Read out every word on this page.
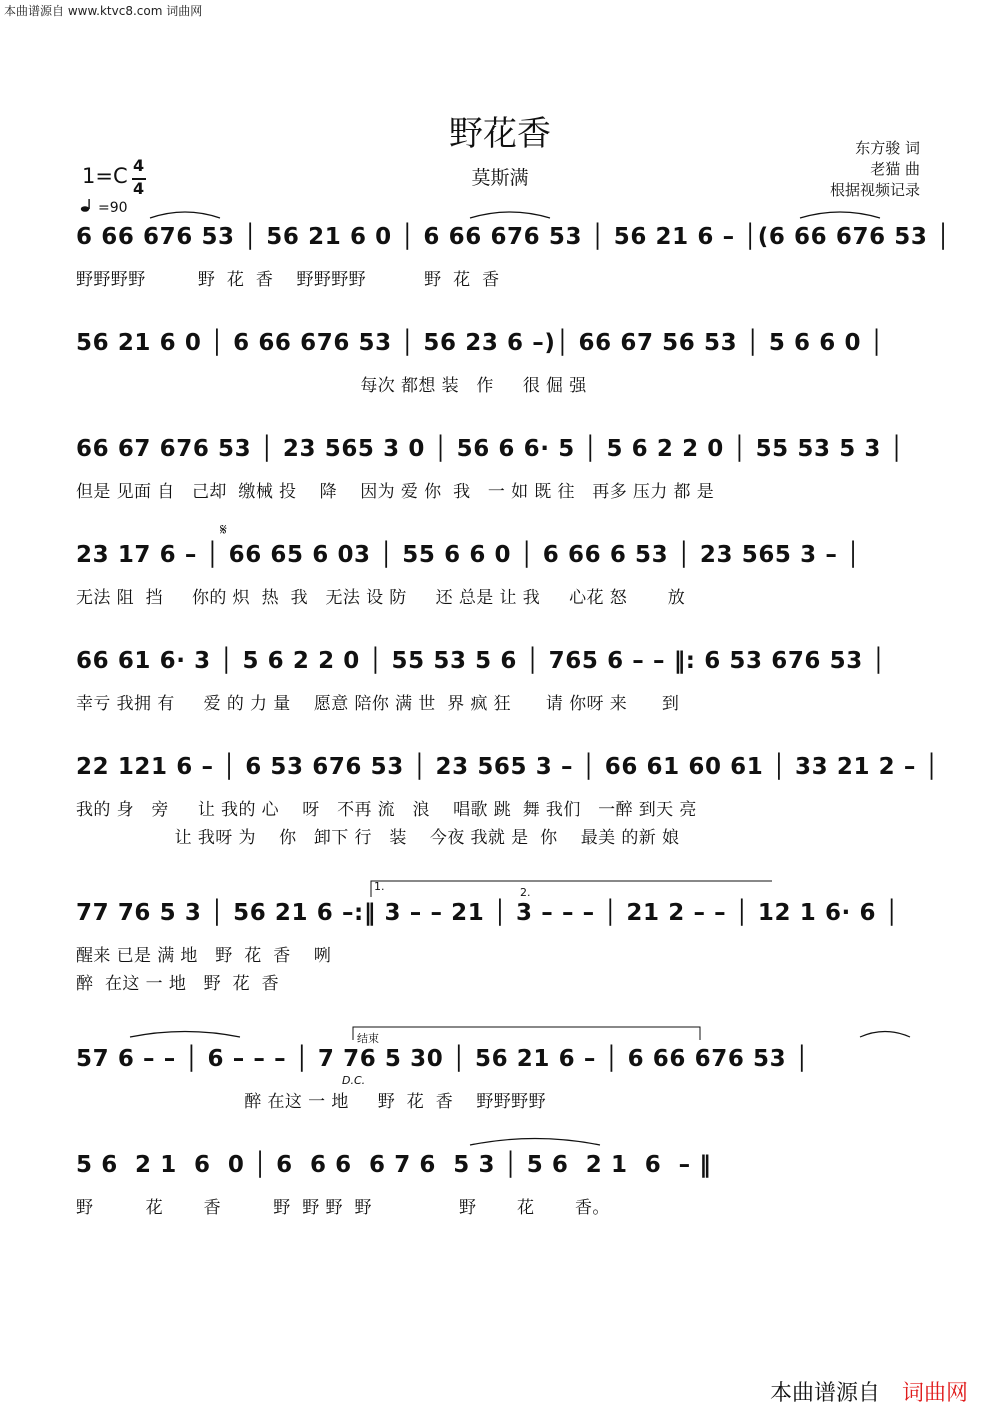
本曲谱源自 www.ktvc8.com 词曲网
野花香
莫斯满
东方骏 词
老猫 曲
根据视频记录
1=C 4
4
=90
6 66 676 53 │ 56 21 6 0 │ 6 66 676 53 │ 56 21 6 – │(6 66 676 53 │
野野野野         野  花  香    野野野野          野  花  香
56 21 6 0 │ 6 66 676 53 │ 56 23 6 –)│ 66 67 56 53 │ 5 6 6 0 │
每次 都想 装   作     很 倔 强
66 67 676 53 │ 23 565 3 0 │ 56 6 6· 5 │ 5 6 2 2 0 │ 55 53 5 3 │
但是 见面 自   己却  缴械 投    降    因为 爱 你  我   一 如 既 往   再多 压力 都 是
23 17 6 – │ 66 65 6 03 │ 55 6 6 0 │ 6 66 6 53 │ 23 565 3 – │
无法 阻  挡     你的 炽  热  我   无法 设 防     还 总是 让 我     心花 怒       放
66 61 6· 3 │ 5 6 2 2 0 │ 55 53 5 6 │ 765 6 – – ‖: 6 53 676 53 │
幸亏 我拥 有     爱 的 力 量    愿意 陪你 满 世  界 疯 狂      请 你呀 来      到
22 121 6 – │ 6 53 676 53 │ 23 565 3 – │ 66 61 60 61 │ 33 21 2 – │
我的 身   旁     让 我的 心    呀   不再 流   浪    唱歌 跳  舞 我们   一醉 到天 亮
让 我呀 为    你   卸下 行   装    今夜 我就 是  你    最美 的新 娘
77 76 5 3 │ 56 21 6 –:‖ 3 – – 21 │ 3 – – – │ 21 2 – – │ 12 1 6· 6 │
醒来 已是 满 地   野  花  香    咧
醉  在这 一 地   野  花  香
57 6 – – │ 6 – – – │ 7 76 5 30 │ 56 21 6 – │ 6 66 676 53 │
醉 在这 一 地     野  花  香    野野野野
5 6  2 1  6  0 │ 6  6 6  6 7 6  5 3 │ 5 6  2 1  6  – ‖
野         花       香         野  野 野  野               野       花       香。
𝄋
1.	2.
结束
D.C.
本曲谱源自 词曲网
